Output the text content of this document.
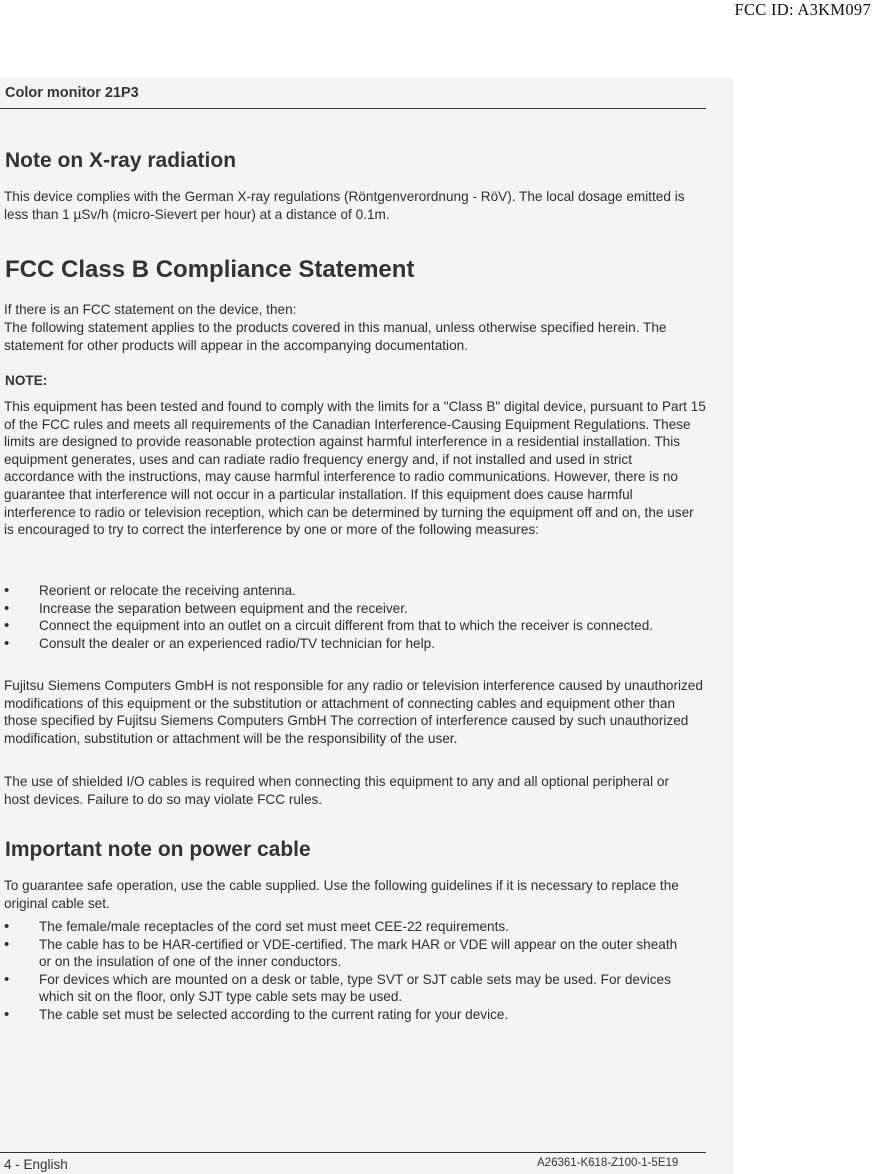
FCC ID: A3KM097
Color monitor 21P3
Note on X-ray radiation

This device complies with the German X-ray regulations (Röntgenverordnung - RöV). The local dosage emitted is less than 1 µSv/h (micro-Sievert per hour) at a distance of 0.1m.

FCC Class B Compliance Statement

If there is an FCC statement on the device, then:

The following statement applies to the products covered in this manual, unless otherwise specified herein. The statement for other products will appear in the accompanying documentation.

NOTE:

This equipment has been tested and found to comply with the limits for a "Class B" digital device, pursuant to Part 15 of the FCC rules and meets all requirements of the Canadian Interference-Causing Equipment Regulations. These limits are designed to provide reasonable protection against harmful interference in a residential installation. This equipment generates, uses and can radiate radio frequency energy and, if not installed and used in strict accordance with the instructions, may cause harmful interference to radio communications. However, there is no guarantee that interference will not occur in a particular installation. If this equipment does cause harmful interference to radio or television reception, which can be determined by turning the equipment off and on, the user is encouraged to try to correct the interference by one or more of the following measures:

• Reorient or relocate the receiving antenna.
• Increase the separation between equipment and the receiver.
• Connect the equipment into an outlet on a circuit different from that to which the receiver is connected.
• Consult the dealer or an experienced radio/TV technician for help.

Fujitsu Siemens Computers GmbH is not responsible for any radio or television interference caused by unauthorized modifications of this equipment or the substitution or attachment of connecting cables and equipment other than those specified by Fujitsu Siemens Computers GmbH The correction of interference caused by such unauthorized modification, substitution or attachment will be the responsibility of the user.

The use of shielded I/O cables is required when connecting this equipment to any and all optional peripheral or host devices. Failure to do so may violate FCC rules.

Important note on power cable

To guarantee safe operation, use the cable supplied. Use the following guidelines if it is necessary to replace the original cable set.

• The female/male receptacles of the cord set must meet CEE-22 requirements.
• The cable has to be HAR-certified or VDE-certified. The mark HAR or VDE will appear on the outer sheath or on the insulation of one of the inner conductors.
• For devices which are mounted on a desk or table, type SVT or SJT cable sets may be used. For devices which sit on the floor, only SJT type cable sets may be used.
• The cable set must be selected according to the current rating for your device.
4 - English	A26361-K618-Z100-1-5E19
